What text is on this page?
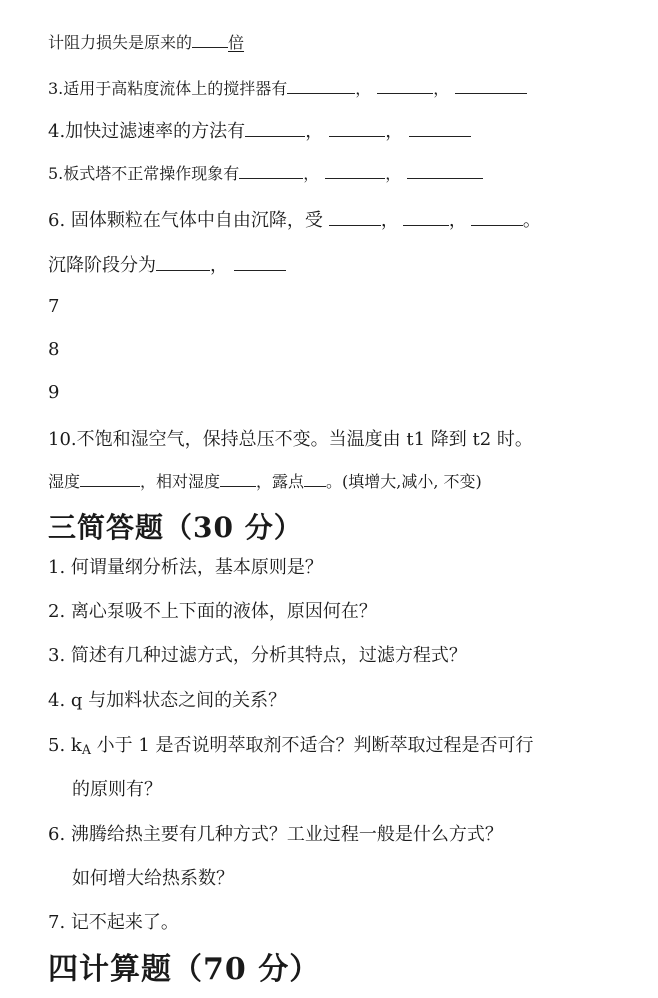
计阻力损失是原来的 倍
3.适用于高粘度流体上的搅拌器有	，	，
4.加快过滤速率的方法有	，	，
5.板式塔不正常操作现象有	，	，
6. 固体颗粒在气体中自由沉降，受	，	，	。
沉降阶段分为	，
7
8
9
10.不饱和湿空气，保持总压不变。当温度由 t1 降到 t2 时。
湿度	，相对湿度 ，露点 。(填增大,减小, 不变)
三简答题（30 分）
1. 何谓量纲分析法，基本原则是？
2. 离心泵吸不上下面的液体，原因何在？
3. 简述有几种过滤方式，分析其特点，过滤方程式？
4. q 与加料状态之间的关系？
5. $k_A$ 小于 1 是否说明萃取剂不适合？判断萃取过程是否可行
的原则有？
6. 沸腾给热主要有几种方式？工业过程一般是什么方式？
如何增大给热系数？
7. 记不起来了。
四计算题（70 分）
